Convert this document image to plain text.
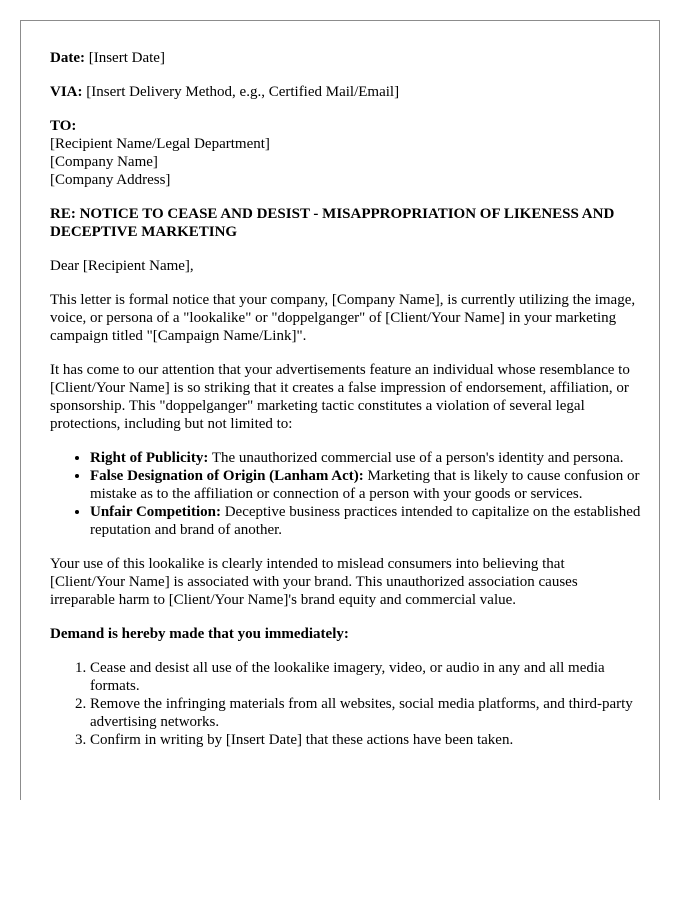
Date: [Insert Date]

VIA: [Insert Delivery Method, e.g., Certified Mail/Email]

TO:
[Recipient Name/Legal Department]
[Company Name]
[Company Address]
RE: NOTICE TO CEASE AND DESIST - MISAPPROPRIATION OF LIKENESS AND DECEPTIVE MARKETING

Dear [Recipient Name],

This letter is formal notice that your company, [Company Name], is currently utilizing the image, voice, or persona of a "lookalike" or "doppelganger" of [Client/Your Name] in your marketing campaign titled "[Campaign Name/Link]".

It has come to our attention that your advertisements feature an individual whose resemblance to [Client/Your Name] is so striking that it creates a false impression of endorsement, affiliation, or sponsorship. This "doppelganger" marketing tactic constitutes a violation of several legal protections, including but not limited to:

• Right of Publicity: The unauthorized commercial use of a person's identity and persona.
• False Designation of Origin (Lanham Act): Marketing that is likely to cause confusion or mistake as to the affiliation or connection of a person with your goods or services.
• Unfair Competition: Deceptive business practices intended to capitalize on the established reputation and brand of another.

Your use of this lookalike is clearly intended to mislead consumers into believing that [Client/Your Name] is associated with your brand. This unauthorized association causes irreparable harm to [Client/Your Name]'s brand equity and commercial value.

Demand is hereby made that you immediately:

1. Cease and desist all use of the lookalike imagery, video, or audio in any and all media formats.
2. Remove the infringing materials from all websites, social media platforms, and third-party advertising networks.
3. Confirm in writing by [Insert Date] that these actions have been taken.
